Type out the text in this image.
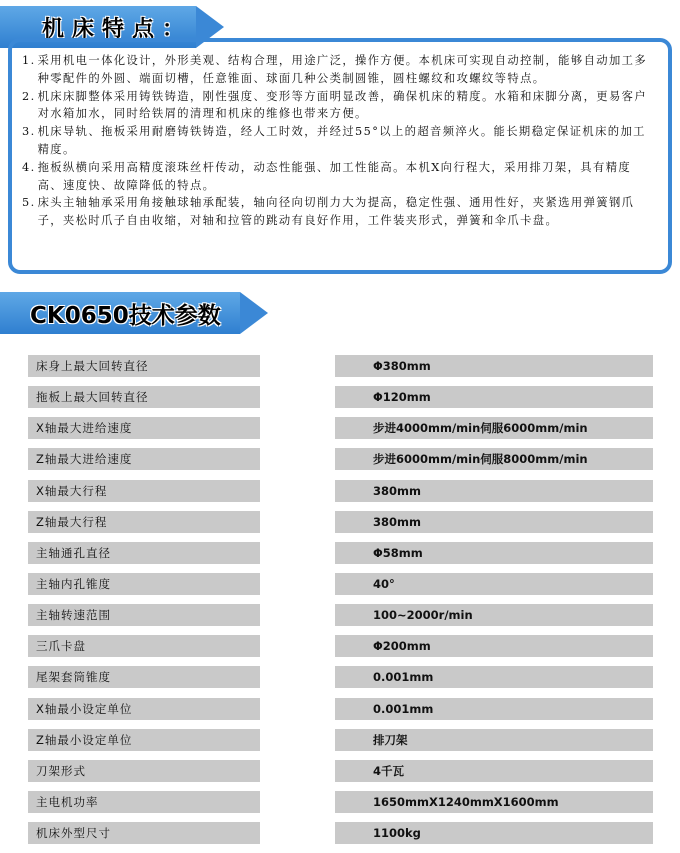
机床特点：
1. 采用机电一体化设计，外形美观、结构合理，用途广泛，操作方便。本机床可实现自动控制，能够自动加工多种零配件的外圆、端面切槽，任意锥面、球面几种公类制圆锥，圆柱螺纹和攻螺纹等特点。
2. 机床床脚整体采用铸铁铸造，刚性强度、变形等方面明显改善，确保机床的精度。水箱和床脚分离，更易客户对水箱加水，同时给铁屑的清理和机床的维修也带来方便。
3. 机床导轨、拖板采用耐磨铸铁铸造，经人工时效，并经过55°以上的超音频淬火。能长期稳定保证机床的加工精度。
4. 拖板纵横向采用高精度滚珠丝杆传动，动态性能强、加工性能高。本机X向行程大，采用排刀架，具有精度高、速度快、故障降低的特点。
5. 床头主轴轴承采用角接触球轴承配装，轴向径向切削力大为提高，稳定性强、通用性好，夹紧选用弹簧钢爪子，夹松时爪子自由收缩，对轴和拉管的跳动有良好作用，工件装夹形式，弹簧和伞爪卡盘。
CK0650技术参数
床身上最大回转直径	Φ380mm
拖板上最大回转直径	Φ120mm
X轴最大进给速度	步进4000mm/min伺服6000mm/min
Z轴最大进给速度	步进6000mm/min伺服8000mm/min
X轴最大行程	380mm
Z轴最大行程	380mm
主轴通孔直径	Φ58mm
主轴内孔锥度	40°
主轴转速范围	100~2000r/min
三爪卡盘	Φ200mm
尾架套筒锥度	0.001mm
X轴最小设定单位	0.001mm
Z轴最小设定单位	排刀架
刀架形式	4千瓦
主电机功率	1650mmX1240mmX1600mm
机床外型尺寸	1100kg
